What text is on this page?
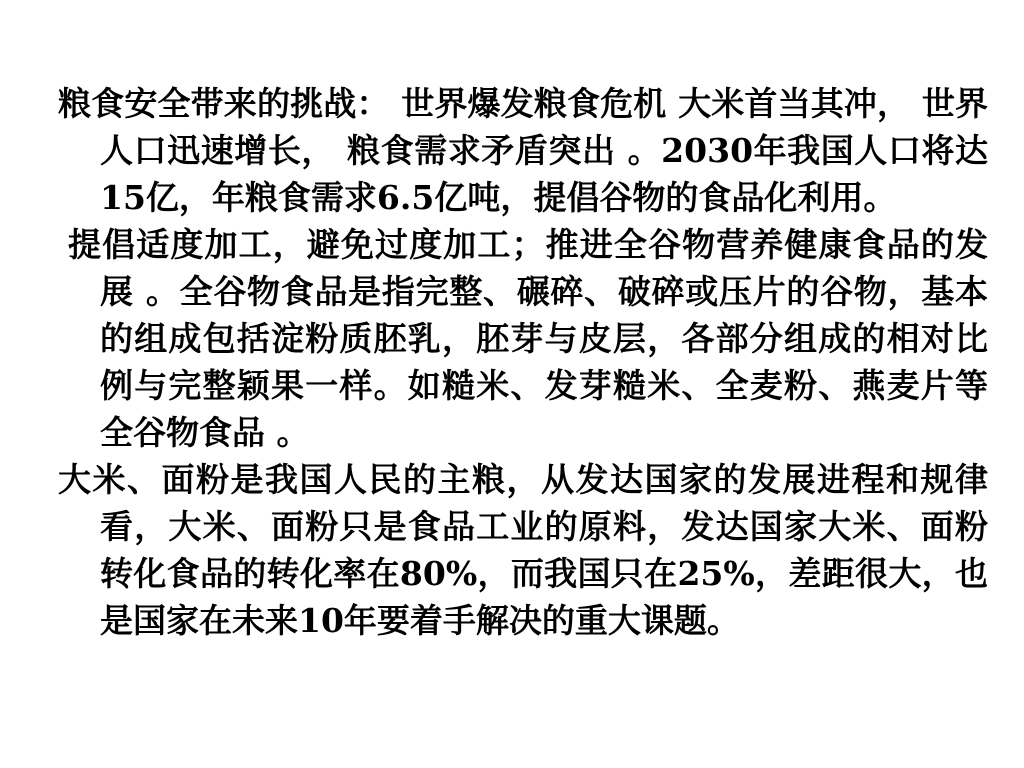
粮食安全带来的挑战： 世界爆发粮食危机 大米首当其冲， 世界人口迅速增长， 粮食需求矛盾突出 。2030年我国人口将达15亿，年粮食需求6.5亿吨，提倡谷物的食品化利用。

提倡适度加工，避免过度加工；推进全谷物营养健康食品的发展 。全谷物食品是指完整、碾碎、破碎或压片的谷物，基本的组成包括淀粉质胚乳，胚芽与皮层，各部分组成的相对比例与完整颖果一样。如糙米、发芽糙米、全麦粉、燕麦片等全谷物食品 。

大米、面粉是我国人民的主粮，从发达国家的发展进程和规律看，大米、面粉只是食品工业的原料，发达国家大米、面粉转化食品的转化率在80%，而我国只在25%，差距很大，也是国家在未来10年要着手解决的重大课题。
